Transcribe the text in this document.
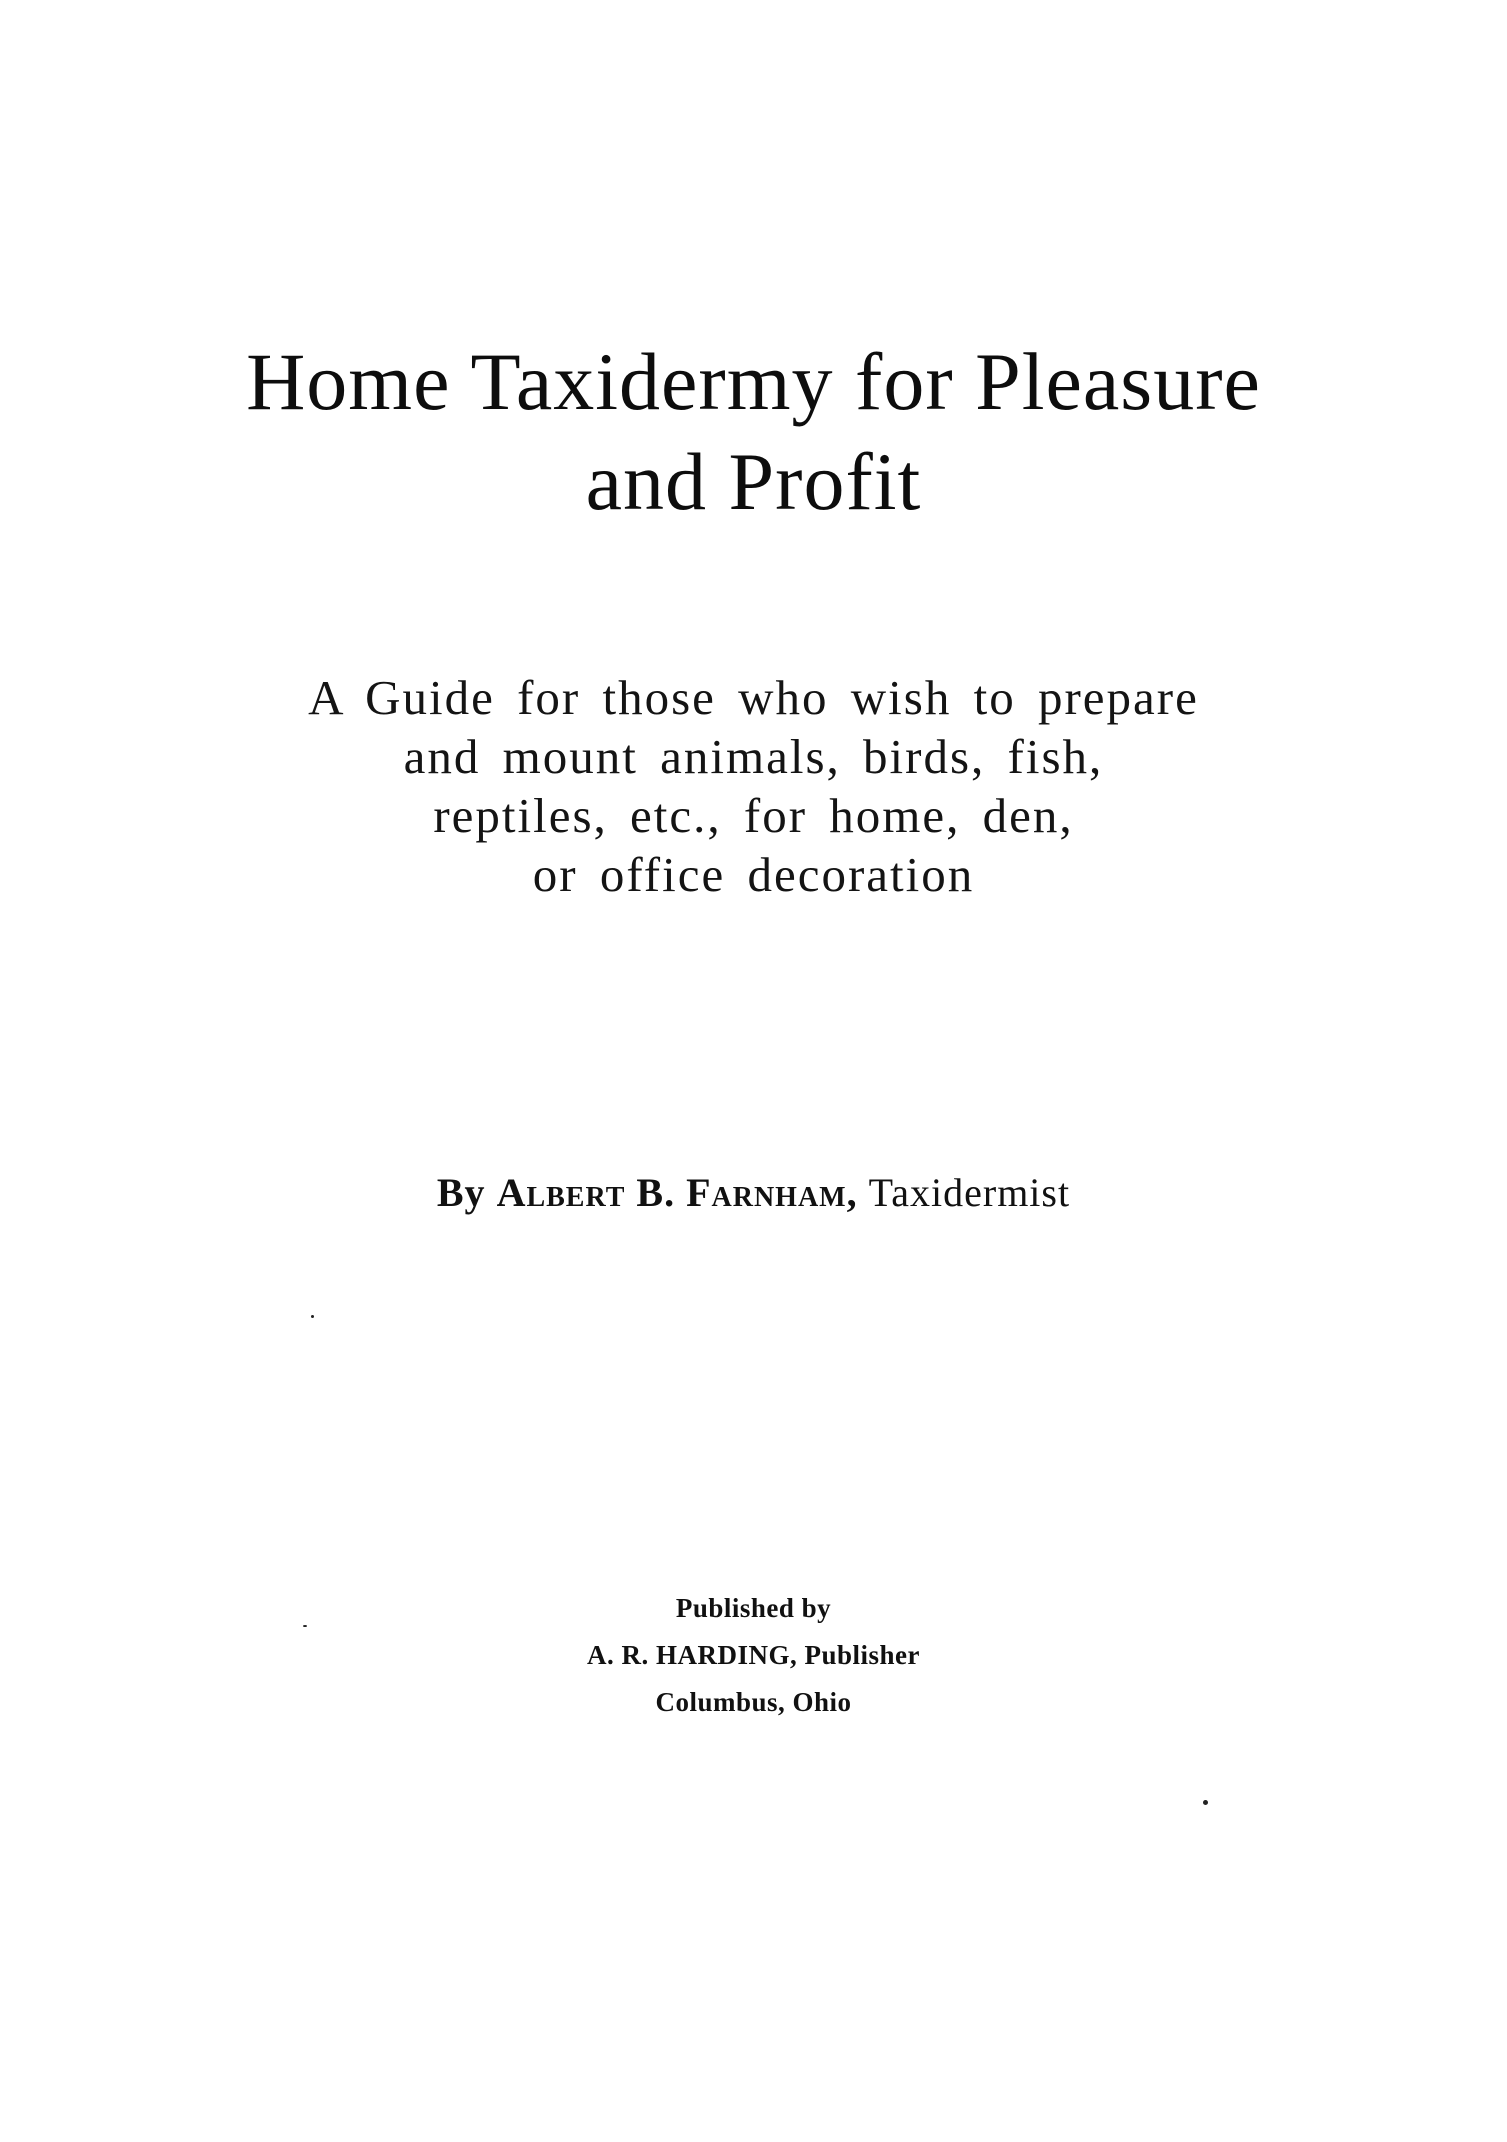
Home Taxidermy for Pleasure
and Profit
A Guide for those who wish to prepare
and mount animals, birds, fish,
reptiles, etc., for home, den,
or office decoration
By Albert B. Farnham, Taxidermist
Published by
A. R. HARDING, Publisher
Columbus, Ohio
